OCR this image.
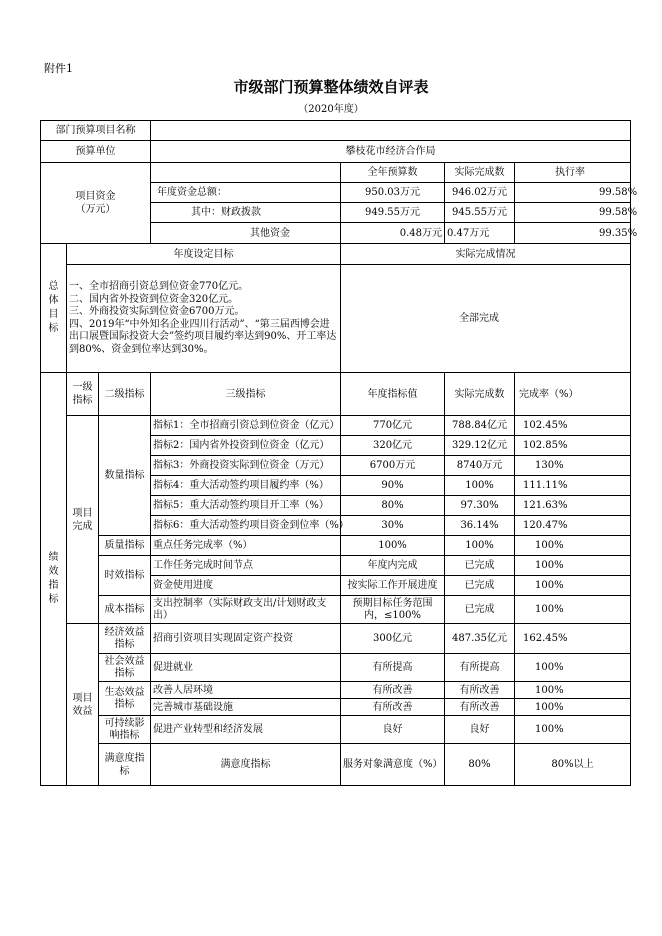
附件1
市级部门预算整体绩效自评表
（2020年度）
部门预算项目名称							
预算单位			攀枝花市经济合作局				
项目资金（万元）				全年预算数	实际完成数	执行率	
			年度资金总额：	950.03万元	946.02万元	99.58%	
			其中：财政拨款	949.55万元	945.55万元	99.58%	
			其他资金	0.48万元	0.47万元	99.35%	
总体目标	年度设定目标			实际完成情况			
	一、全市招商引资总到位资金770亿元。
二、国内省外投资到位资金320亿元。
三、外商投资实际到位资金6700万元。
四、2019年“中外知名企业四川行活动”、“第三届西博会进出口展暨国际投资大会”签约项目履约率达到90%、开工率达到80%、资金到位率达到30%。			全部完成			
绩效指标	一级指标	二级指标	三级指标	年度指标值	实际完成数	完成率（%）	

	项目完成	数量指标	指标1：全市招商引资总到位资金（亿元）	770亿元	788.84亿元	102.45%	
			指标2：国内省外投资到位资金（亿元）	320亿元	329.12亿元	102.85%	
			指标3：外商投资实际到位资金（万元）	6700万元	8740万元	130%	
			指标4：重大活动签约项目履约率（%）	90%	100%	111.11%	
			指标5：重大活动签约项目开工率（%）	80%	97.30%	121.63%	
			指标6：重大活动签约项目资金到位率（%）	30%	36.14%	120.47%	
		质量指标	重点任务完成率（%）	100%	100%	100%	
		时效指标	工作任务完成时间节点	年度内完成	已完成	100%	
			资金使用进度	按实际工作开展进度	已完成	100%	
		成本指标	支出控制率（实际财政支出/计划财政支出）	预期目标任务范围内，≤100%	已完成	100%	
	项目效益	经济效益指标	招商引资项目实现固定资产投资	300亿元	487.35亿元	162.45%	
		社会效益指标	促进就业	有所提高	有所提高	100%	
		生态效益指标	改善人居环境	有所改善	有所改善	100%	
			完善城市基础设施	有所改善	有所改善	100%	
		可持续影响指标	促进产业转型和经济发展	良好	良好	100%	
		满意度指标	满意度指标	服务对象满意度（%）	80%	80%以上	
